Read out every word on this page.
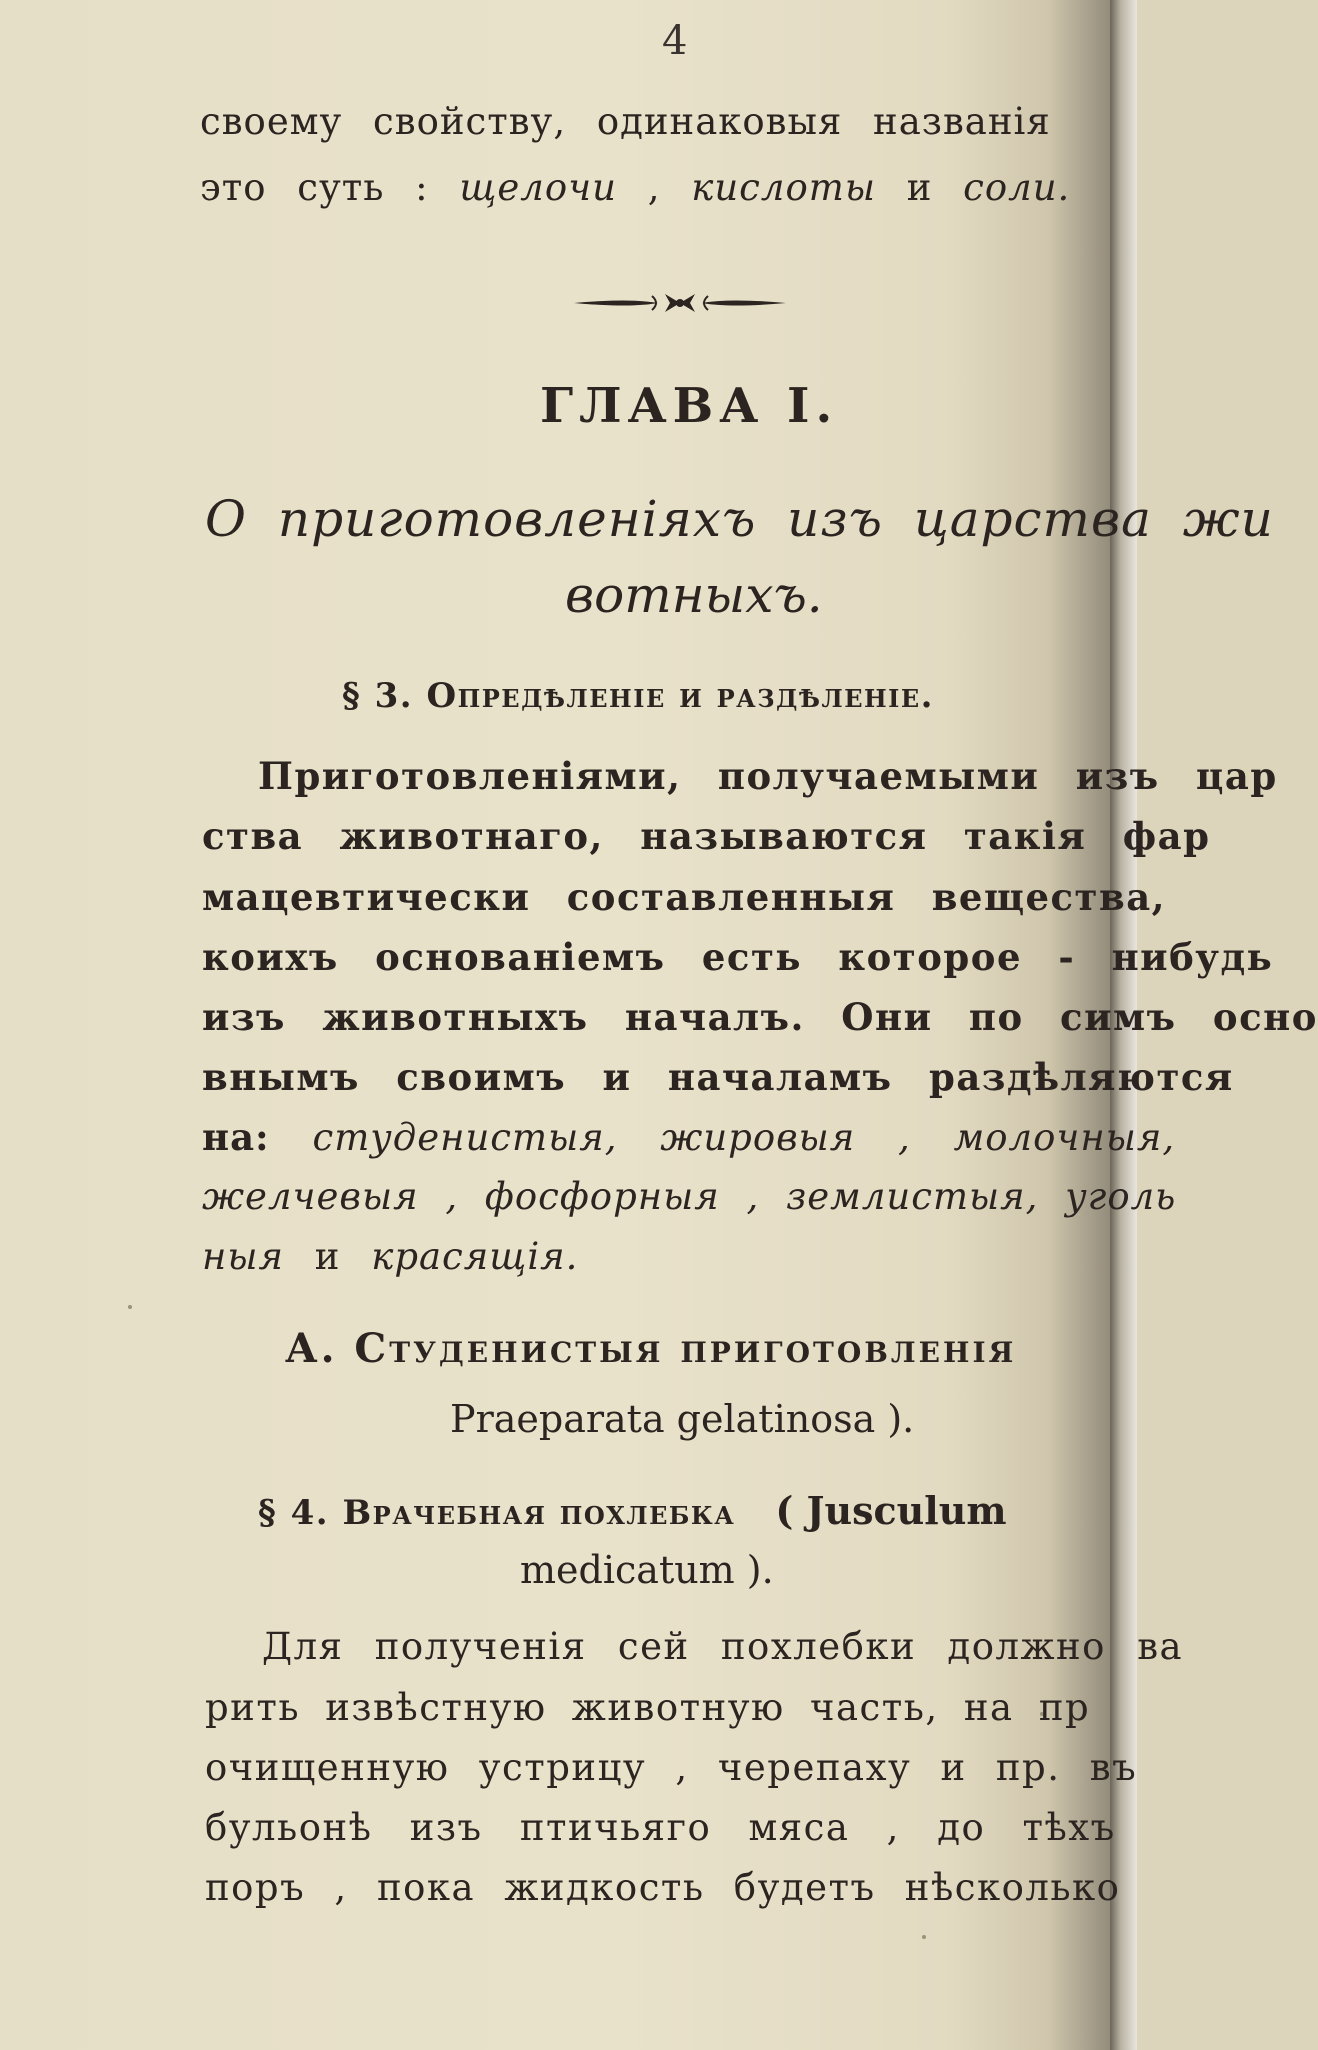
4

своему свойству, одинаковыя названія

это суть : щелочи , кислоты и соли.

ГЛАВА I.
О приготовленіяхъ изъ царства жи
вотныхъ.
§ 3. Опредѣленіе и раздѣленіе.

Приготовленіями, получаемыми изъ цар

ства животнаго, называются такія фар

мацевтически составленныя вещества,

коихъ основаніемъ есть которое - нибудь

изъ животныхъ началъ. Они по симъ осно

внымъ своимъ и началамъ раздѣляются

на: студенистыя, жировыя , молочныя,

желчевыя , фосфорныя , землистыя, уголь

ныя и красящія.

А. Студенистыя приготовленія

Praeparata gelatinosa ).

§ 4. Врачебная похлебка ( Jusculum

medicatum ).

Для полученія сей похлебки должно ва

рить извѣстную животную часть, на пр

очищенную устрицу , черепаху и пр. въ

бульонѣ изъ птичьяго мяса , до тѣхъ

поръ , пока жидкость будетъ нѣсколько
